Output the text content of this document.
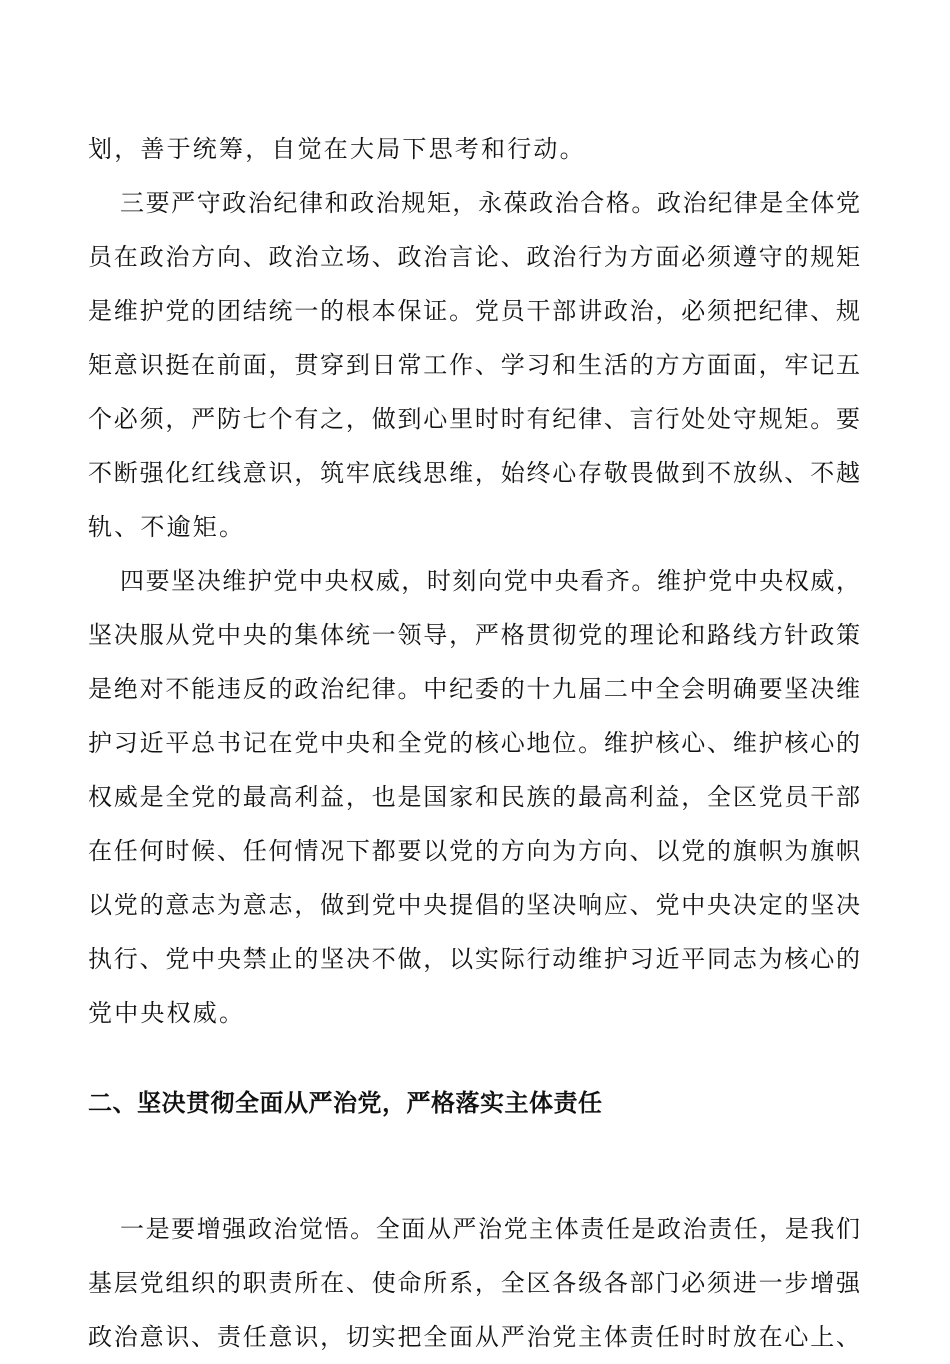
划，善于统筹，自觉在大局下思考和行动。
三要严守政治纪律和政治规矩，永葆政治合格。政治纪律是全体党
员在政治方向、政治立场、政治言论、政治行为方面必须遵守的规矩
是维护党的团结统一的根本保证。党员干部讲政治，必须把纪律、规
矩意识挺在前面，贯穿到日常工作、学习和生活的方方面面，牢记五
个必须，严防七个有之，做到心里时时有纪律、言行处处守规矩。要
不断强化红线意识，筑牢底线思维，始终心存敬畏做到不放纵、不越
轨、不逾矩。
四要坚决维护党中央权威，时刻向党中央看齐。维护党中央权威，
坚决服从党中央的集体统一领导，严格贯彻党的理论和路线方针政策
是绝对不能违反的政治纪律。中纪委的十九届二中全会明确要坚决维
护习近平总书记在党中央和全党的核心地位。维护核心、维护核心的
权威是全党的最高利益，也是国家和民族的最高利益，全区党员干部
在任何时候、任何情况下都要以党的方向为方向、以党的旗帜为旗帜
以党的意志为意志，做到党中央提倡的坚决响应、党中央决定的坚决
执行、党中央禁止的坚决不做，以实际行动维护习近平同志为核心的
党中央权威。
二、坚决贯彻全面从严治党，严格落实主体责任
一是要增强政治觉悟。全面从严治党主体责任是政治责任，是我们
基层党组织的职责所在、使命所系，全区各级各部门必须进一步增强
政治意识、责任意识，切实把全面从严治党主体责任时时放在心上、
